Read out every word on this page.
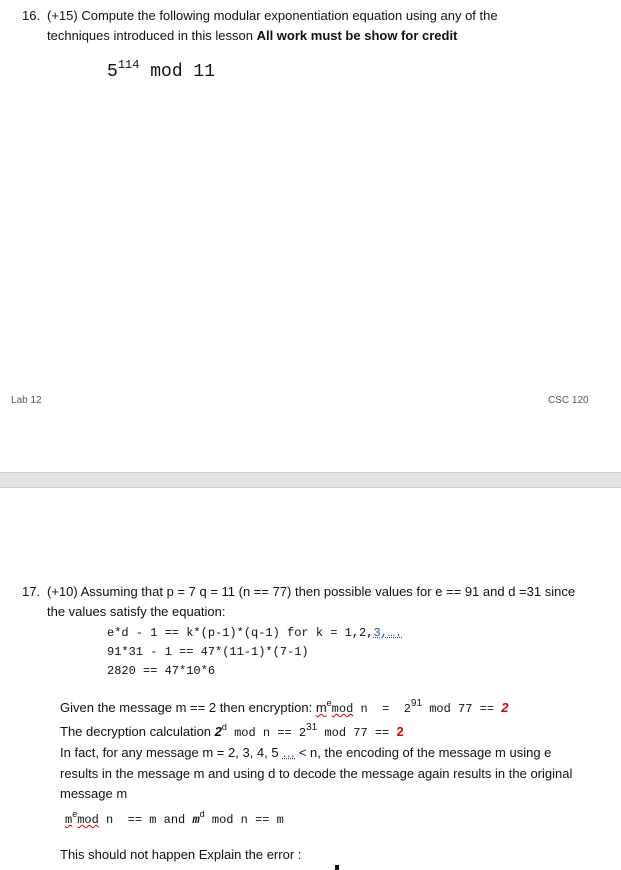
16. (+15) Compute the following modular exponentiation equation using any of the
techniques introduced in this lesson All work must be show for credit
$5^{114}$ mod 11
Lab 12	CSC 120
17. (+10) Assuming that p = 7 q = 11 (n == 77) then possible values for e == 91 and d =31 since
the values satisfy the equation:
e*d - 1 == k*(p-1)*(q-1) for k = 1,2,3,….
91*31 - 1 == 47*(11-1)*(7-1)
2820 == 47*10*6
Given the message m == 2 then encryption: $m^emod$ $n = 2^{91}$ mod 77 == 2
The decryption calculation 2$^d$ mod $n == 2^{31}$ mod 77 == 2
In fact, for any message m = 2, 3, 4, 5 … < n, the encoding of the message m using e
results in the message m and using d to decode the message again results in the original
message m
$m^emod$ n  == m and $m^d$ mod n == m
This should not happen Explain the error :
